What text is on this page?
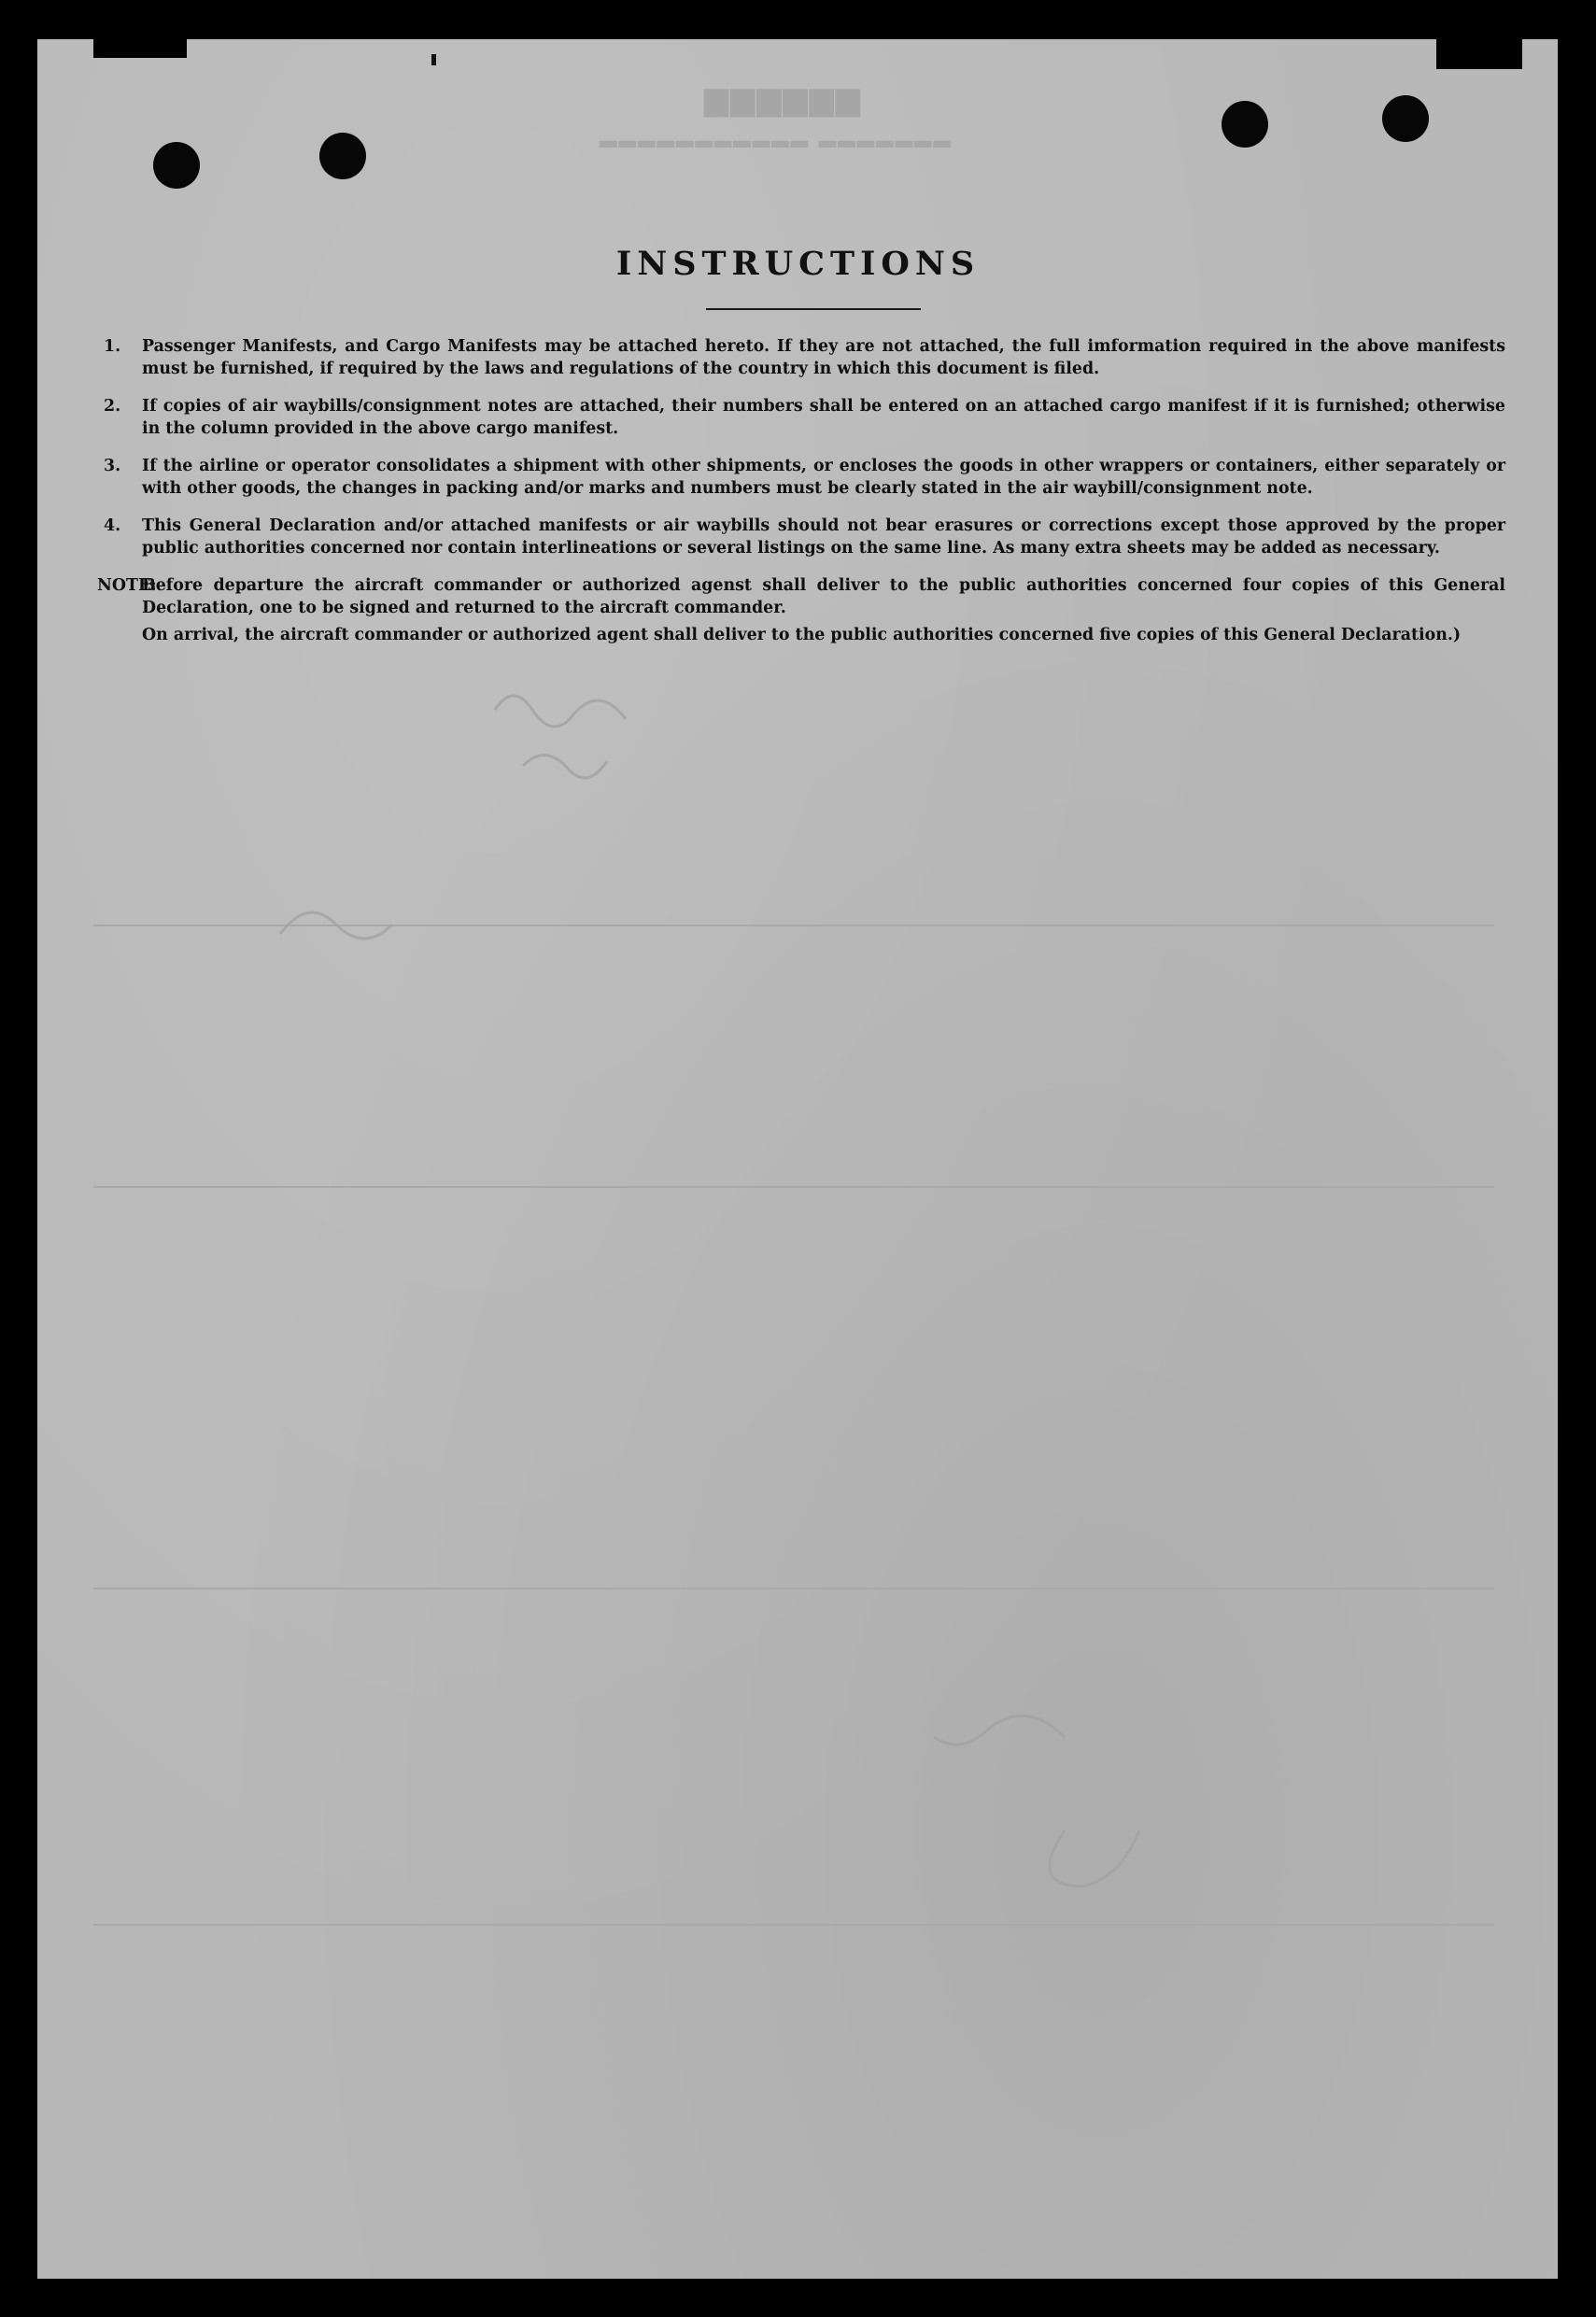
▆▆▆▆▆▆
▂▂▂▂▂▂▂ ▂▂▂▂▂▂▂▂▂▂▂
INSTRUCTIONS
1. Passenger Manifests, and Cargo Manifests may be attached hereto. If they are not attached, the full imformation required in the above manifests must be furnished, if required by the laws and regulations of the country in which this document is filed.
2. If copies of air waybills/consignment notes are attached, their numbers shall be entered on an attached cargo manifest if it is furnished; otherwise in the column provided in the above cargo manifest.
3. If the airline or operator consolidates a shipment with other shipments, or encloses the goods in other wrappers or containers, either separately or with other goods, the changes in packing and/or marks and numbers must be clearly stated in the air waybill/consignment note.
4. This General Declaration and/or attached manifests or air waybills should not bear erasures or corrections except those approved by the proper public authorities concerned nor contain interlineations or several listings on the same line. As many extra sheets may be added as necessary.
NOTE:

Before departure the aircraft commander or authorized agenst shall deliver to the public authorities concerned four copies of this General Declaration, one to be signed and returned to the aircraft commander.

On arrival, the aircraft commander or authorized agent shall deliver to the public authorities concerned five copies of this General Declaration.)
